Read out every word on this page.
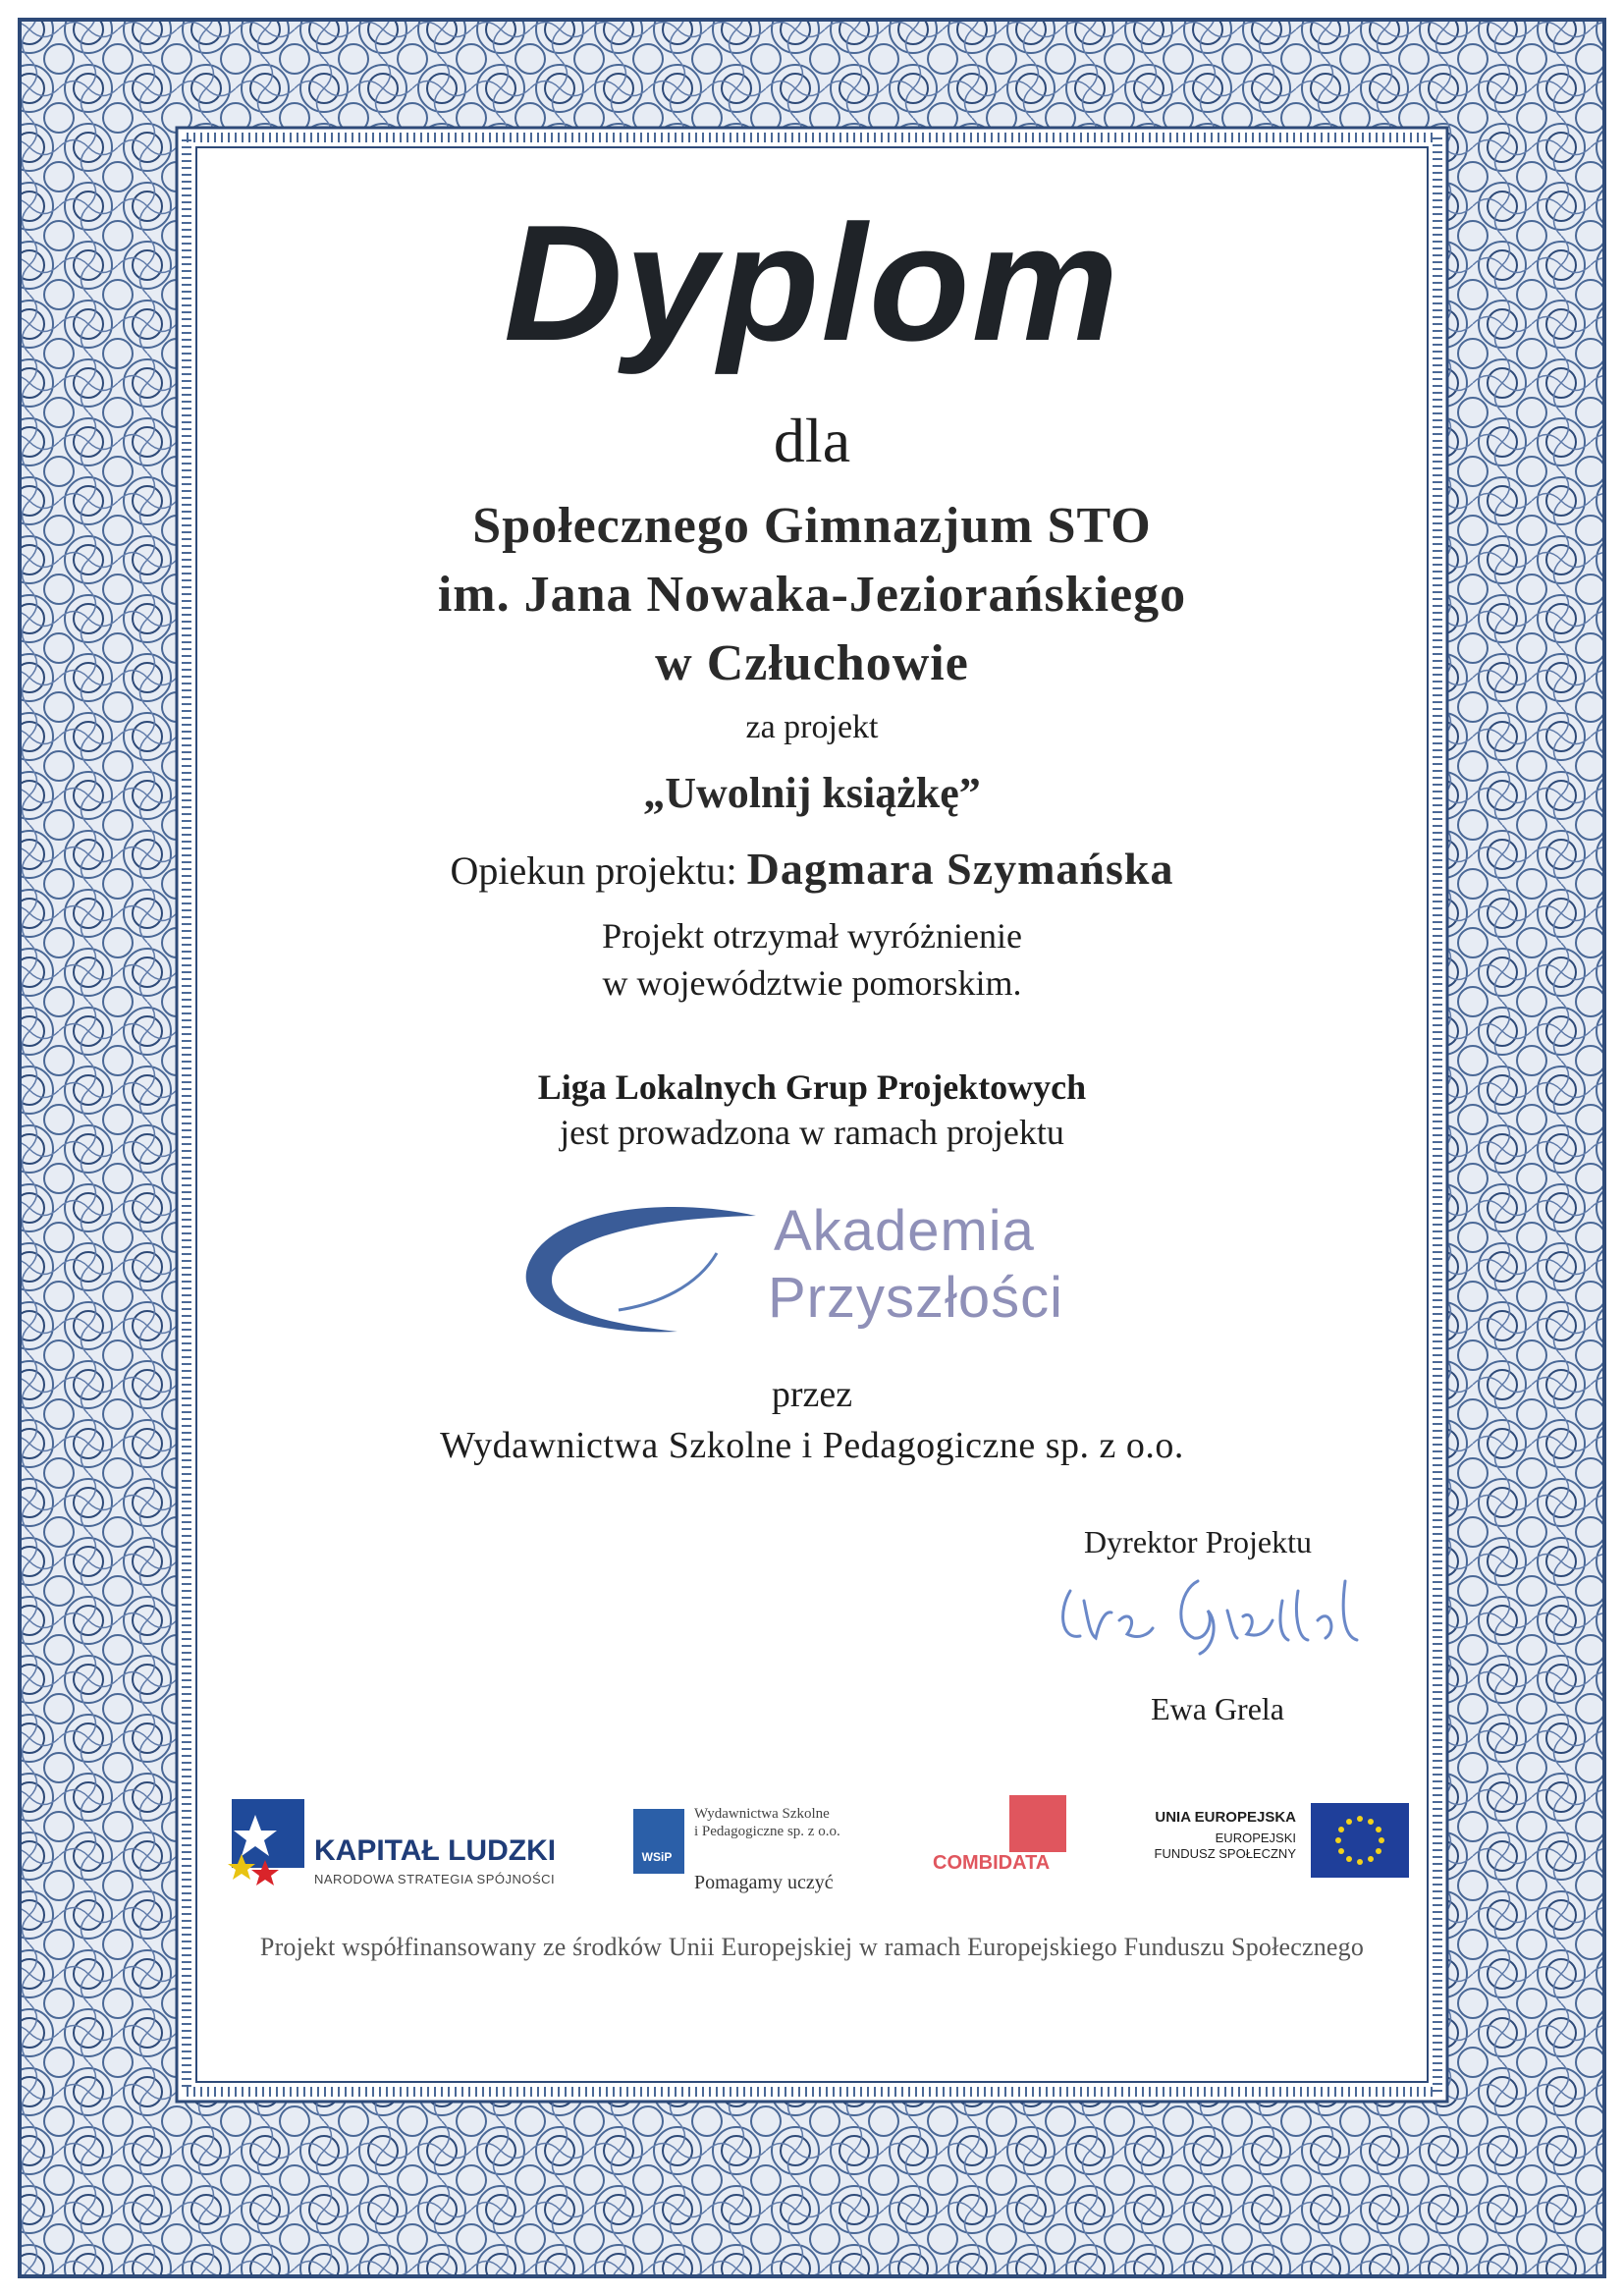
Dyplom
dla
Społecznego Gimnazjum STO
im. Jana Nowaka-Jeziorańskiego
w Człuchowie
za projekt
„Uwolnij książkę”
Opiekun projektu: Dagmara Szymańska
Projekt otrzymał wyróżnienie
w województwie pomorskim.
Liga Lokalnych Grup Projektowych
jest prowadzona w ramach projektu
Akademia
Przyszłości
przez
Wydawnictwa Szkolne i Pedagogiczne sp. z o.o.
Dyrektor Projektu
Ewa Grela
KAPITAŁ LUDZKI
NARODOWA STRATEGIA SPÓJNOŚCI
WSiP
Wydawnictwa Szkolne
i Pedagogiczne sp. z o.o.
Pomagamy uczyć
COMBIDATA
UNIA EUROPEJSKA
EUROPEJSKI
FUNDUSZ SPOŁECZNY
Projekt współfinansowany ze środków Unii Europejskiej w ramach Europejskiego Funduszu Społecznego
